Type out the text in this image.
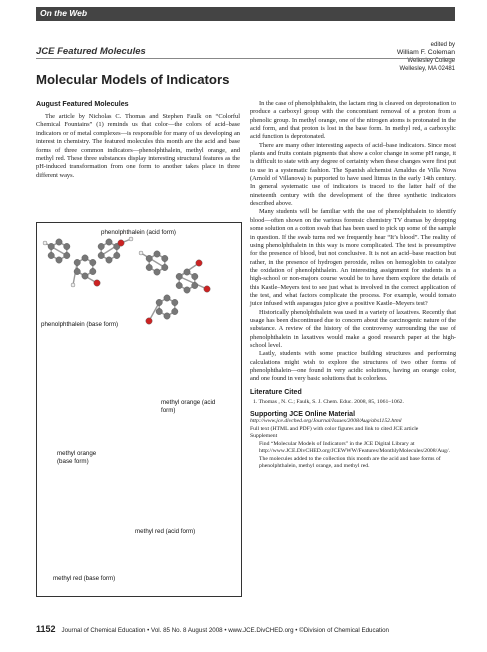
On the Web
JCE Featured Molecules
edited by
William F. Coleman
Wellesley College
Wellesley, MA 02481
Molecular Models of Indicators
August Featured Molecules

The article by Nicholas C. Thomas and Stephen Faulk on “Colorful Chemical Fountains” (1) reminds us that color—the colors of acid–base indicators or of metal complexes—is responsible for many of us developing an interest in chemistry. The featured molecules this month are the acid and base forms of three common indicators—phenolphthalein, methyl orange, and methyl red. These three substances display interesting structural features as the pH-induced transformation from one form to another takes place in three different ways.

phenolphthalein (acid form)
phenolphthalein (base form)
methyl orange (acid form)
methyl orange (base form)
methyl red (acid form)
methyl red (base form)

In the case of phenolphthalein, the lactam ring is cleaved on deprotonation to produce a carboxyl group with the concomitant removal of a proton from a phenolic group. In methyl orange, one of the nitrogen atoms is protonated in the acid form, and that proton is lost in the base form. In methyl red, a carboxylic acid function is deprotonated.

There are many other interesting aspects of acid–base indicators. Since most plants and fruits contain pigments that show a color change in some pH range, it is difficult to state with any degree of certainty when these changes were first put to use in a systematic fashion. The Spanish alchemist Arnaldus de Villa Nova (Arnold of Villanova) is purported to have used litmus in the early 14th century. In general systematic use of indicators is traced to the latter half of the nineteenth century with the development of the three synthetic indicators described above.

Many students will be familiar with the use of phenolphthalein to identify blood—often shown on the various forensic chemistry TV dramas by dropping some solution on a cotton swab that has been used to pick up some of the sample in question. If the swab turns red we frequently hear “It’s blood”. The reality of using phenolphthalein in this way is more complicated. The test is presumptive for the presence of blood, but not conclusive. It is not an acid–base reaction but rather, in the presence of hydrogen peroxide, relies on hemoglobin to catalyze the oxidation of phenolphthalein. An interesting assignment for students in a high-school or non-majors course would be to have them explore the details of this Kastle–Meyers test to see just what is involved in the correct application of the test, and what factors complicate the process. For example, would tomato juice infused with asparagus juice give a positive Kastle–Meyers test?

Historically phenolphthalein was used in a variety of laxatives. Recently that usage has been discontinued due to concern about the carcinogenic nature of the substance. A review of the history of the controversy surrounding the use of phenolphthalein in laxatives would make a good research paper at the high-school level.

Lastly, students with some practice building structures and performing calculations might wish to explore the structures of two other forms of phenolphthalein—one found in very acidic solutions, having an orange color, and one found in very basic solutions that is colorless.

Literature Cited
1. Thomas , N. C.; Faulk, S. J. Chem. Educ. 2008, 85, 1061–1062.
Supporting JCE Online Material
http://www.jce.divched.org/Journal/Issues/2008/Aug/abs1152.html
Full text (HTML and PDF) with color figures and link to cited JCE article
Supplement
Find “Molecular Models of Indicators” in the JCE Digital Library at http://www.JCE.DivCHED.org/JCEWWW/Features/MonthlyMolecules/2008/Aug/.
The molecules added to the collection this month are the acid and base forms of phenolphthalein, methyl orange, and methyl red.
1152 Journal of Chemical Education • Vol. 85 No. 8 August 2008 • www.JCE.DivCHED.org • ©Division of Chemical Education
